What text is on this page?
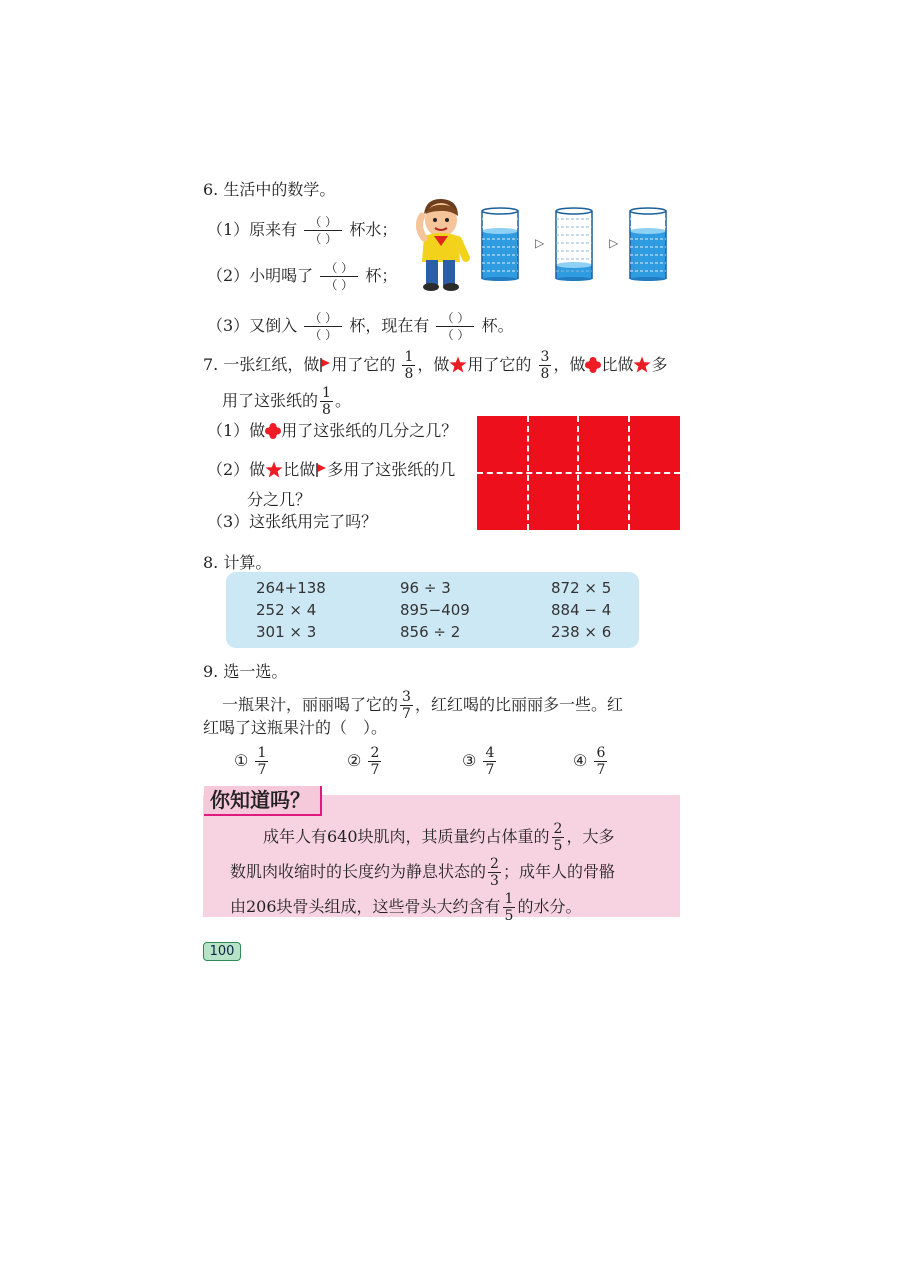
6. 生活中的数学。
（1）原来有 $\frac{( )}{( )}$ 杯水；
（2）小明喝了 $\frac{( )}{( )}$ 杯；
（3）又倒入 $\frac{( )}{( )}$ 杯，现在有 $\frac{( )}{( )}$ 杯。
▷	▷
7. 一张红纸，做 用了它的 $\frac{1}{8}$ ，做 用了它的 $\frac{3}{8}$ ，做 比做 多
用了这张纸的 $\frac{1}{8}$ 。
（1）做 用了这张纸的几分之几？
（2）做 比做 多用了这张纸的几
分之几？
（3）这张纸用完了吗？
8. 计算。
264+138	96 ÷ 3	872 × 5
252 × 4	895−409	884 − 4
301 × 3	856 ÷ 2	238 × 6
9. 选一选。
一瓶果汁，丽丽喝了它的 $\frac{3}{7}$ ，红红喝的比丽丽多一些。红
红喝了这瓶果汁的（　）。
① $\frac{1}{7}$	② $\frac{2}{7}$	③ $\frac{4}{7}$	④ $\frac{6}{7}$
你知道吗？
成年人有640块肌肉，其质量约占体重的 $\frac{2}{5}$ ，大多
数肌肉收缩时的长度约为静息状态的 $\frac{2}{3}$ ；成年人的骨骼
由206块骨头组成，这些骨头大约含有 $\frac{1}{5}$ 的水分。
100
